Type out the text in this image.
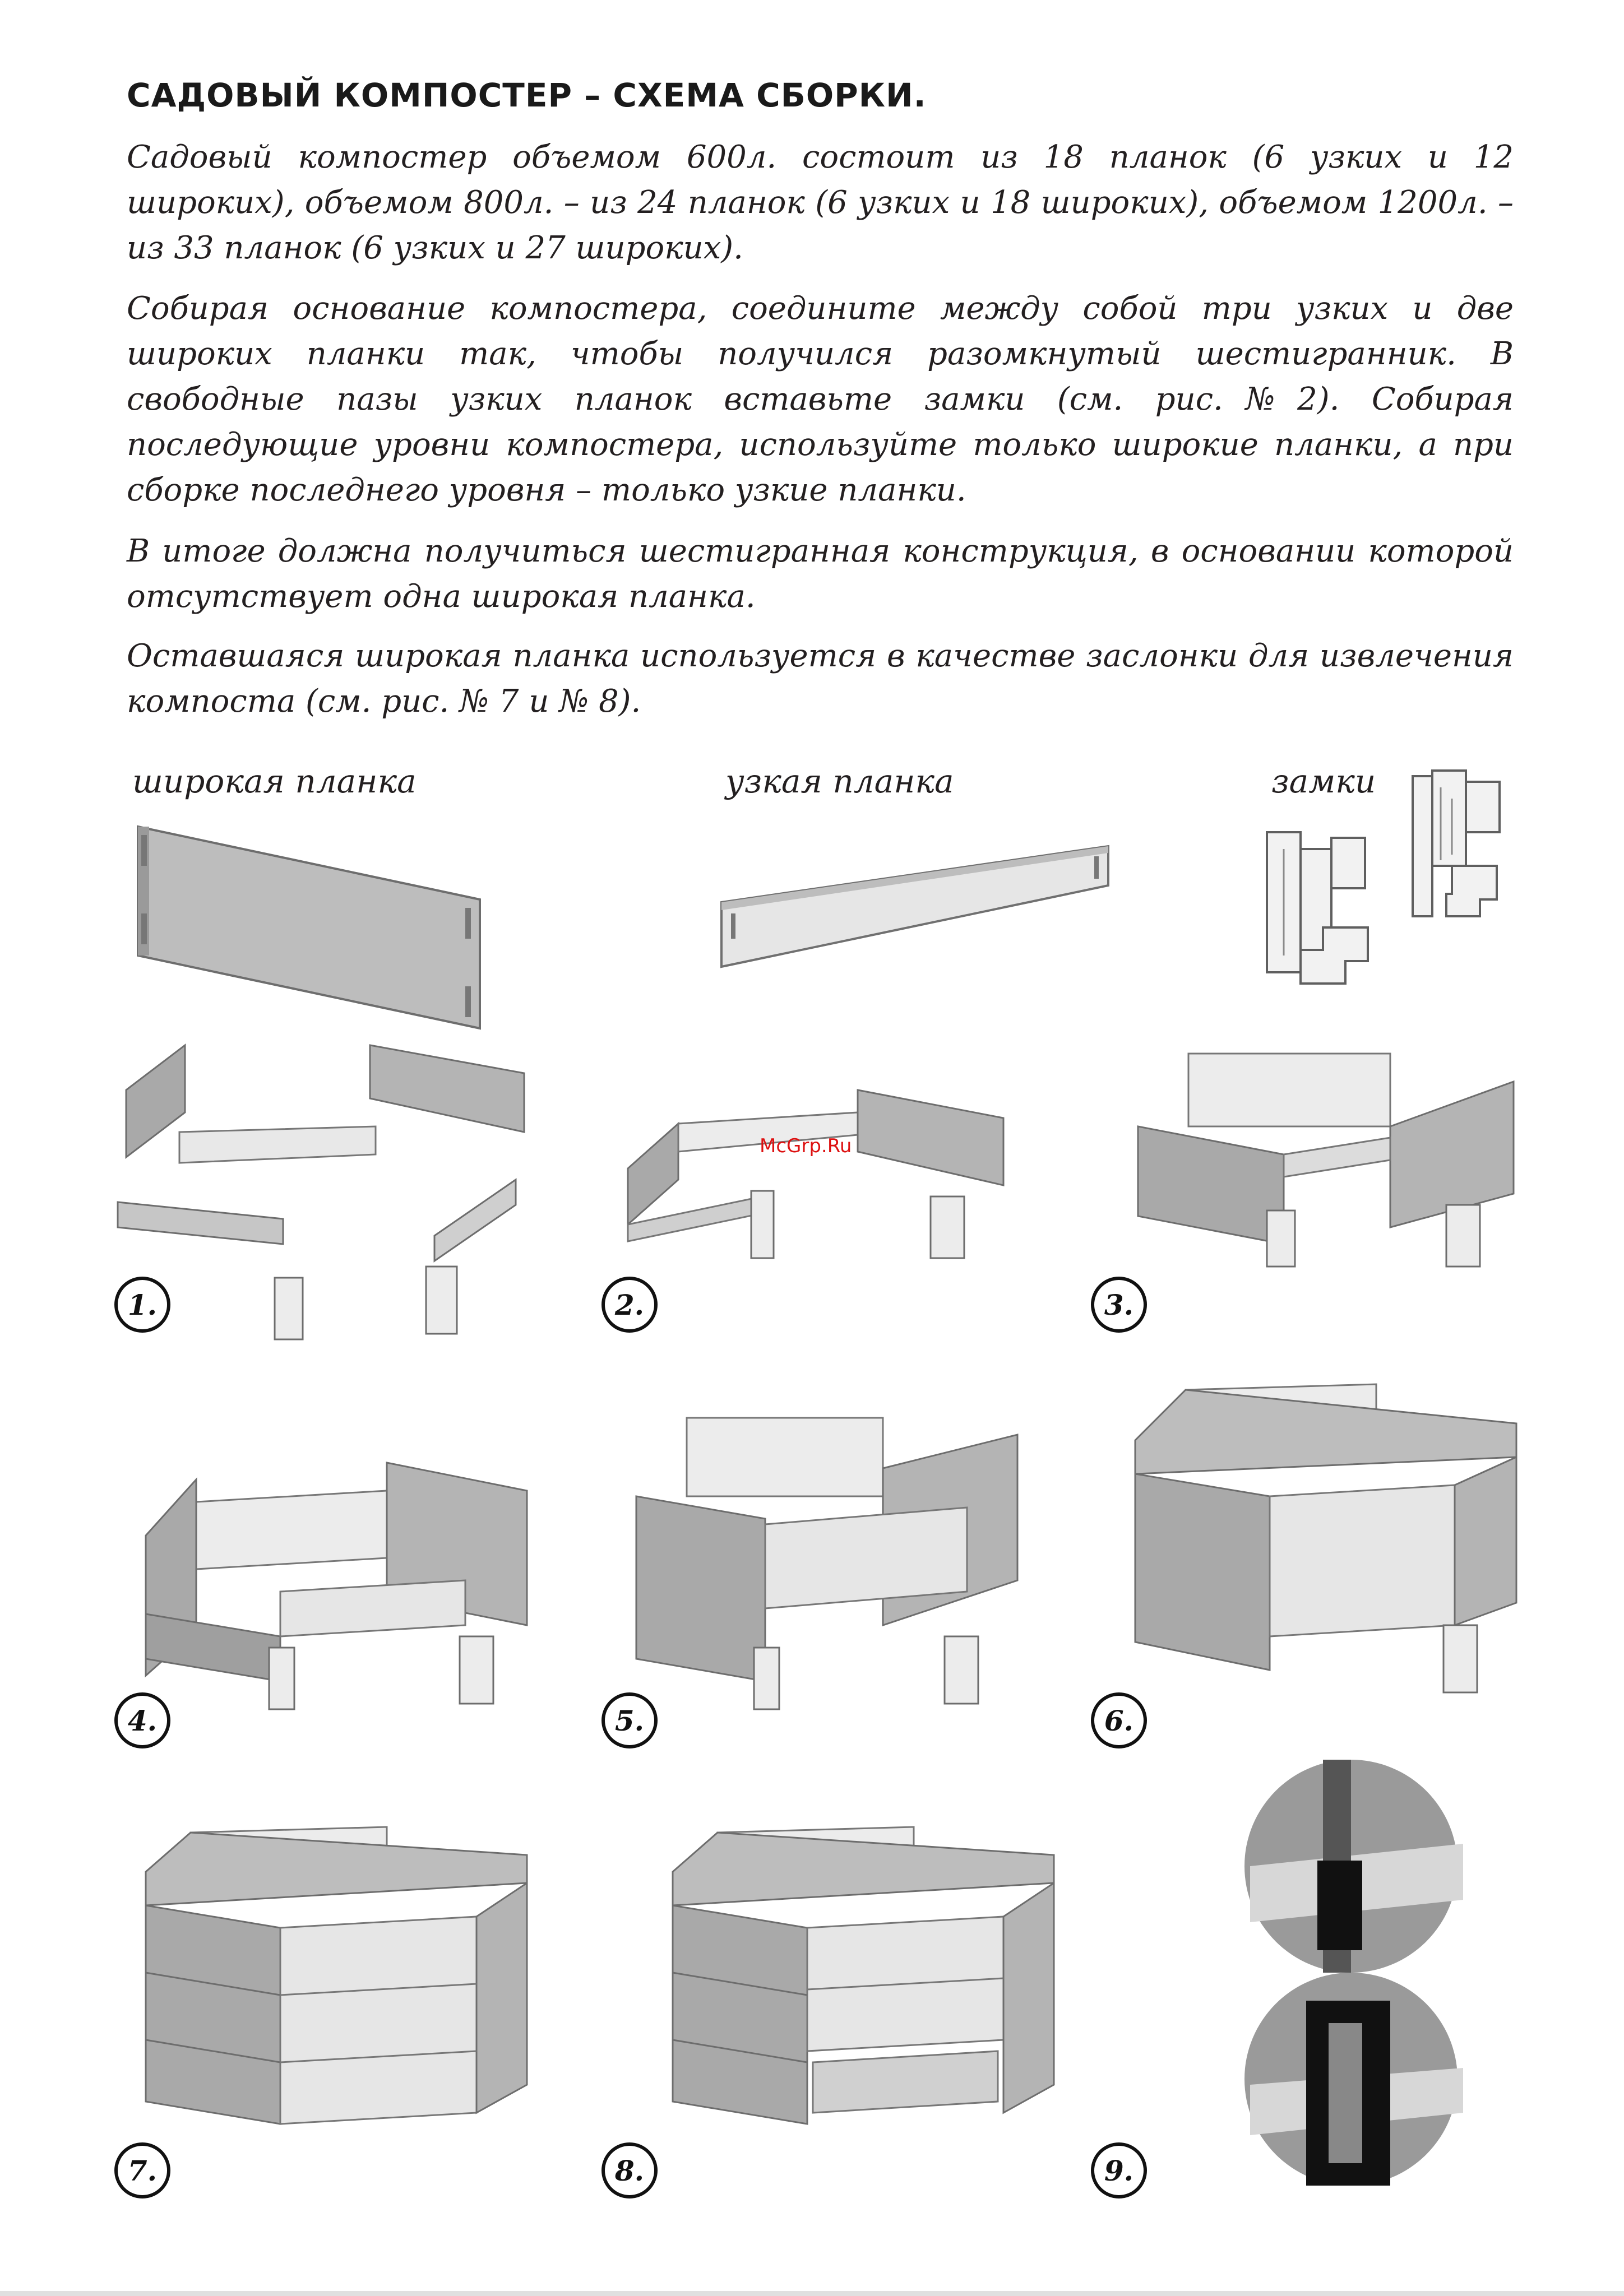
САДОВЫЙ КОМПОСТЕР – СХЕМА СБОРКИ.
Садовый компостер объемом 600л. состоит из 18 планок (6 узких и 12 широких), объемом 800л. – из 24 планок (6 узких и 18 широких), объемом 1200л. – из 33 планок (6 узких и 27 широких).
Собирая основание компостера, соедините между собой три узких и две широких планки так, чтобы получился разомкнутый шестигранник. В свободные пазы узких планок вставьте замки (см. рис.№2). Собирая последующие уровни компостера, используйте только широкие планки, а при сборке последнего уровня – только узкие планки.
В итоге должна получиться шестигранная конструкция, в основании которой отсутствует одна широкая планка.
Оставшаяся широкая планка используется в качестве заслонки для извлечения компоста (см. рис. № 7 и № 8).
широкая планка	узкая планка	замки
1.	2.	3.
4.	5.	6.
7.	8.	9.
McGrp.Ru
